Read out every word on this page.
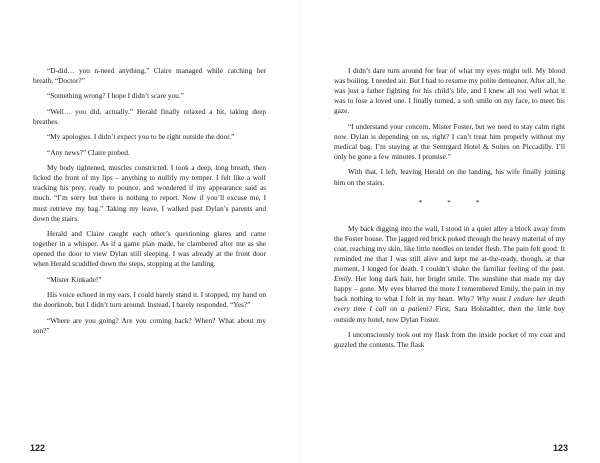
“D-did… you n-need anything,” Claire managed while catching her breath, “Doctor?”

“Something wrong? I hope I didn’t scare you.”

“Well… you did, actually.” Herald finally relaxed a bit, taking deep breathes.

“My apologies. I didn’t expect you to be right outside the door.”

“Any news?” Claire probed.

My body tightened, muscles constricted. I took a deep, long breath, then licked the front of my lips – anything to nullify my temper. I felt like a wolf tracking his prey, ready to pounce, and wondered if my appearance said as much. “I’m sorry but there is nothing to report. Now if you’ll excuse me, I must retrieve my bag.” Taking my leave, I walked past Dylan’s parents and down the stairs.

Herald and Claire caught each other’s questioning glares and came together in a whisper. As if a game plan made, he clambered after me as she opened the door to view Dylan still sleeping. I was already at the front door when Herald scuddled down the steps, stopping at the landing.

“Mister Kinkade!”

His voice echoed in my ears. I could barely stand it. I stopped, my hand on the doorknob, but I didn’t turn around. Instead, I barely responded. “Yes?”

“Where are you going? Are you coming back? When? What about my son?”

122

I didn’t dare turn around for fear of what my eyes might tell. My blood was boiling. I needed air. But I had to resume my polite demeanor. After all, he was just a father fighting for his child’s life, and I knew all too well what it was to lose a loved one. I finally turned, a soft smile on my face, to meet his gaze.

“I understand your concern, Mister Foster, but we need to stay calm right now. Dylan is depending on us, right? I can’t treat him properly without my medical bag. I’m staying at the Sentrgard Hotel & Suites on Piccadilly. I’ll only be gone a few minutes. I promise.”

With that, I left, leaving Herald on the landing, his wife finally joining him on the stairs.

*	*	*

My back digging into the wall, I stood in a quiet alley a block away from the Foster house. The jagged red brick poked through the heavy material of my coat, reaching my skin, like little needles on tender flesh. The pain felt good. It reminded me that I was still alive and kept me at-the-ready, though, at that moment, I longed for death. I couldn’t shake the familiar feeling of the past. Emily. Her long dark hair, her bright smile. The sunshine that made my day happy – gone. My eyes blurred the more I remembered Emily, the pain in my back nothing to what I felt in my heart. Why? Why must I endure her death every time I call on a patient? First, Sara Holstadtler, then the little boy outside my hotel, now Dylan Foster.

I unconsciously took out my flask from the inside pocket of my coat and guzzled the contents. The flask

123
